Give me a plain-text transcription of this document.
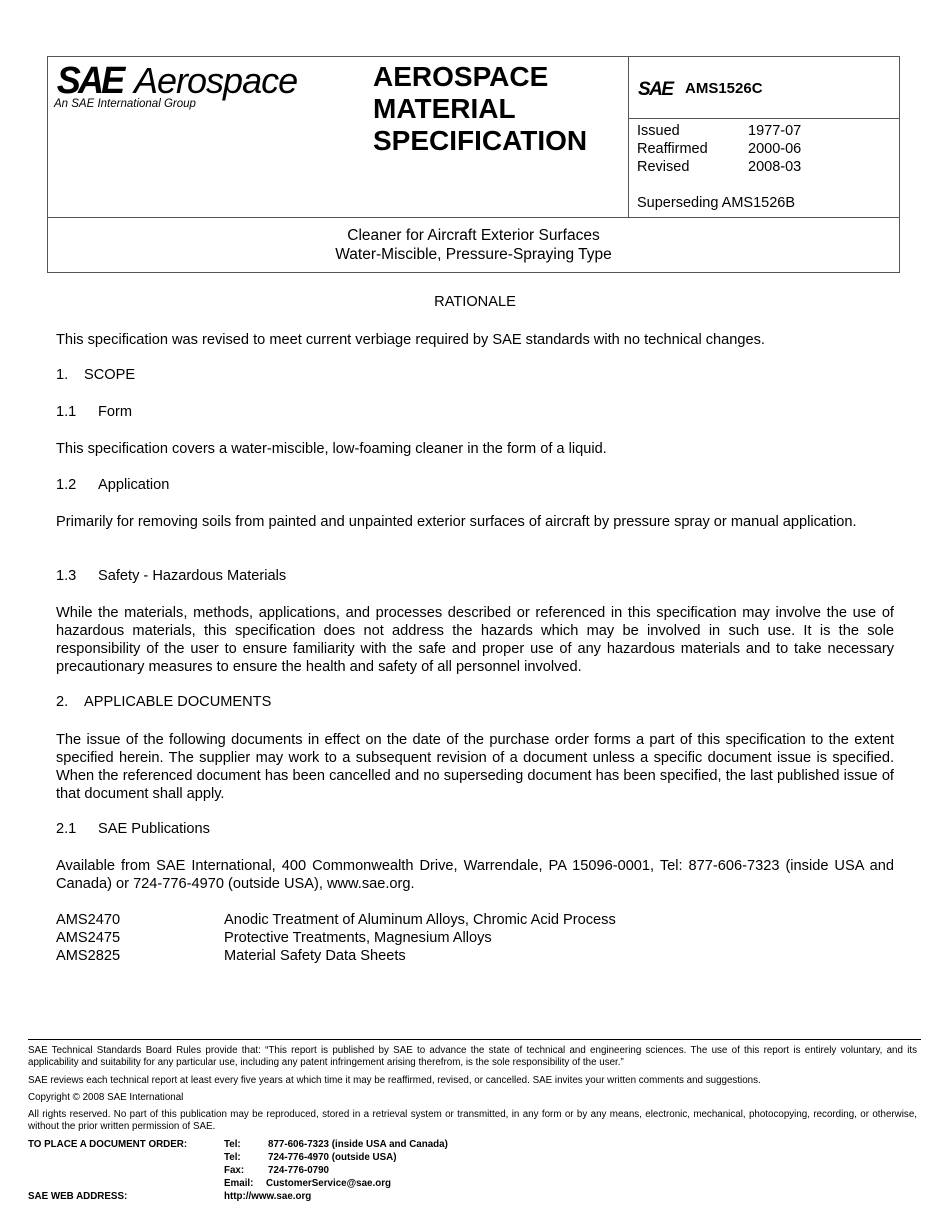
SAE Aerospace
An SAE International Group
AEROSPACE
MATERIAL
SPECIFICATION
SAE AMS1526C
Issued	1977-07
Reaffirmed	2000-06
Revised	2008-03
Superseding AMS1526B
Cleaner for Aircraft Exterior Surfaces
Water-Miscible, Pressure-Spraying Type
RATIONALE
This specification was revised to meet current verbiage required by SAE standards with no technical changes.
1. SCOPE
1.1 Form
This specification covers a water-miscible, low-foaming cleaner in the form of a liquid.
1.2 Application
Primarily for removing soils from painted and unpainted exterior surfaces of aircraft by pressure spray or manual application.
1.3 Safety - Hazardous Materials
While the materials, methods, applications, and processes described or referenced in this specification may involve the use of hazardous materials, this specification does not address the hazards which may be involved in such use. It is the sole responsibility of the user to ensure familiarity with the safe and proper use of any hazardous materials and to take necessary precautionary measures to ensure the health and safety of all personnel involved.
2. APPLICABLE DOCUMENTS
The issue of the following documents in effect on the date of the purchase order forms a part of this specification to the extent specified herein. The supplier may work to a subsequent revision of a document unless a specific document issue is specified. When the referenced document has been cancelled and no superseding document has been specified, the last published issue of that document shall apply.
2.1 SAE Publications
Available from SAE International, 400 Commonwealth Drive, Warrendale, PA 15096-0001, Tel: 877-606-7323 (inside USA and Canada) or 724-776-4970 (outside USA), www.sae.org.
AMS2470	Anodic Treatment of Aluminum Alloys, Chromic Acid Process
AMS2475	Protective Treatments, Magnesium Alloys
AMS2825	Material Safety Data Sheets
SAE Technical Standards Board Rules provide that: “This report is published by SAE to advance the state of technical and engineering sciences. The use of this report is entirely voluntary, and its applicability and suitability for any particular use, including any patent infringement arising therefrom, is the sole responsibility of the user.”
SAE reviews each technical report at least every five years at which time it may be reaffirmed, revised, or cancelled. SAE invites your written comments and suggestions.
Copyright © 2008 SAE International
All rights reserved. No part of this publication may be reproduced, stored in a retrieval system or transmitted, in any form or by any means, electronic, mechanical, photocopying, recording, or otherwise, without the prior written permission of SAE.
TO PLACE A DOCUMENT ORDER:	Tel:	877-606-7323 (inside USA and Canada)
Tel:	724-776-4970 (outside USA)
Fax: 724-776-0790
Email: CustomerService@sae.org
SAE WEB ADDRESS:	http://www.sae.org
